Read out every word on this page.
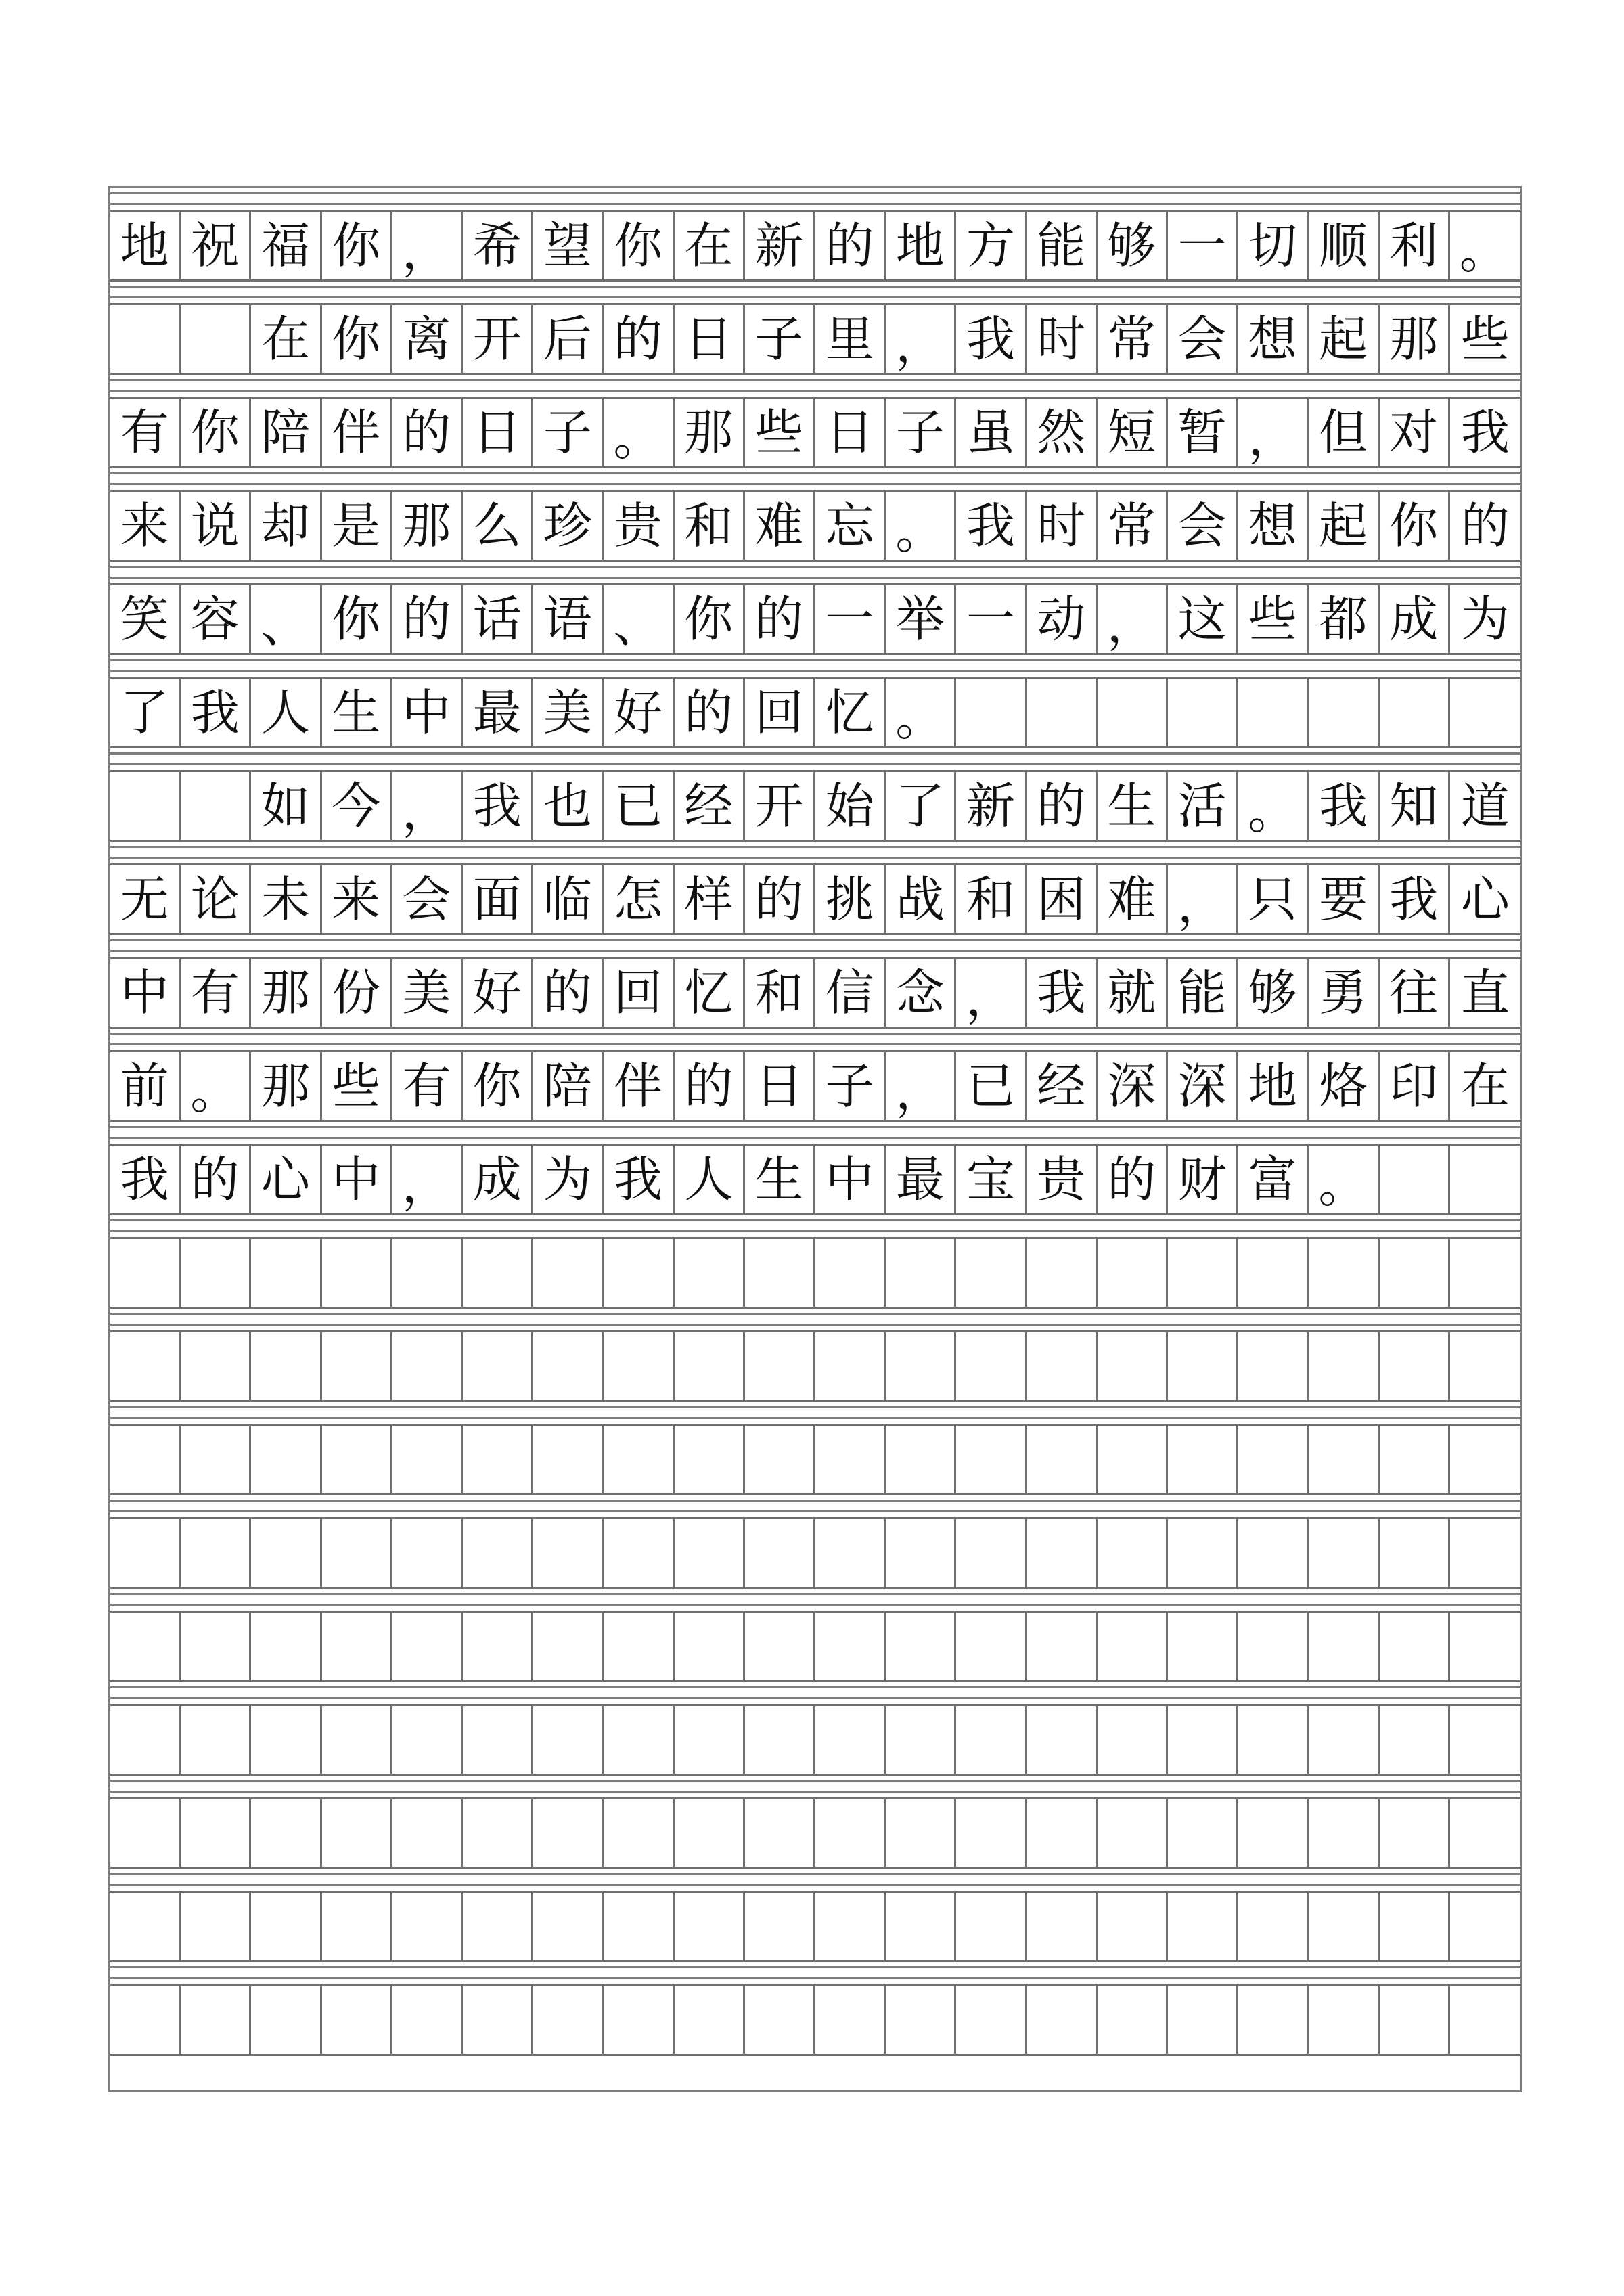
地 祝 福 你 ， 希 望 你 在 新 的 地 方 能 够 一 切 顺 利 。
在 你 离 开 后 的 日 子 里 ， 我 时 常 会 想 起 那 些
有 你 陪 伴 的 日 子 。 那 些 日 子 虽 然 短 暂 ， 但 对 我
来 说 却 是 那 么 珍 贵 和 难 忘 。 我 时 常 会 想 起 你 的
笑 容 、 你 的 话 语 、 你 的 一 举 一 动 ， 这 些 都 成 为
了 我 人 生 中 最 美 好 的 回 忆 。
如 今 ， 我 也 已 经 开 始 了 新 的 生 活 。 我 知 道
无 论 未 来 会 面 临 怎 样 的 挑 战 和 困 难 ， 只 要 我 心
中 有 那 份 美 好 的 回 忆 和 信 念 ， 我 就 能 够 勇 往 直
前 。 那 些 有 你 陪 伴 的 日 子 ， 已 经 深 深 地 烙 印 在
我 的 心 中 ， 成 为 我 人 生 中 最 宝 贵 的 财 富 。
